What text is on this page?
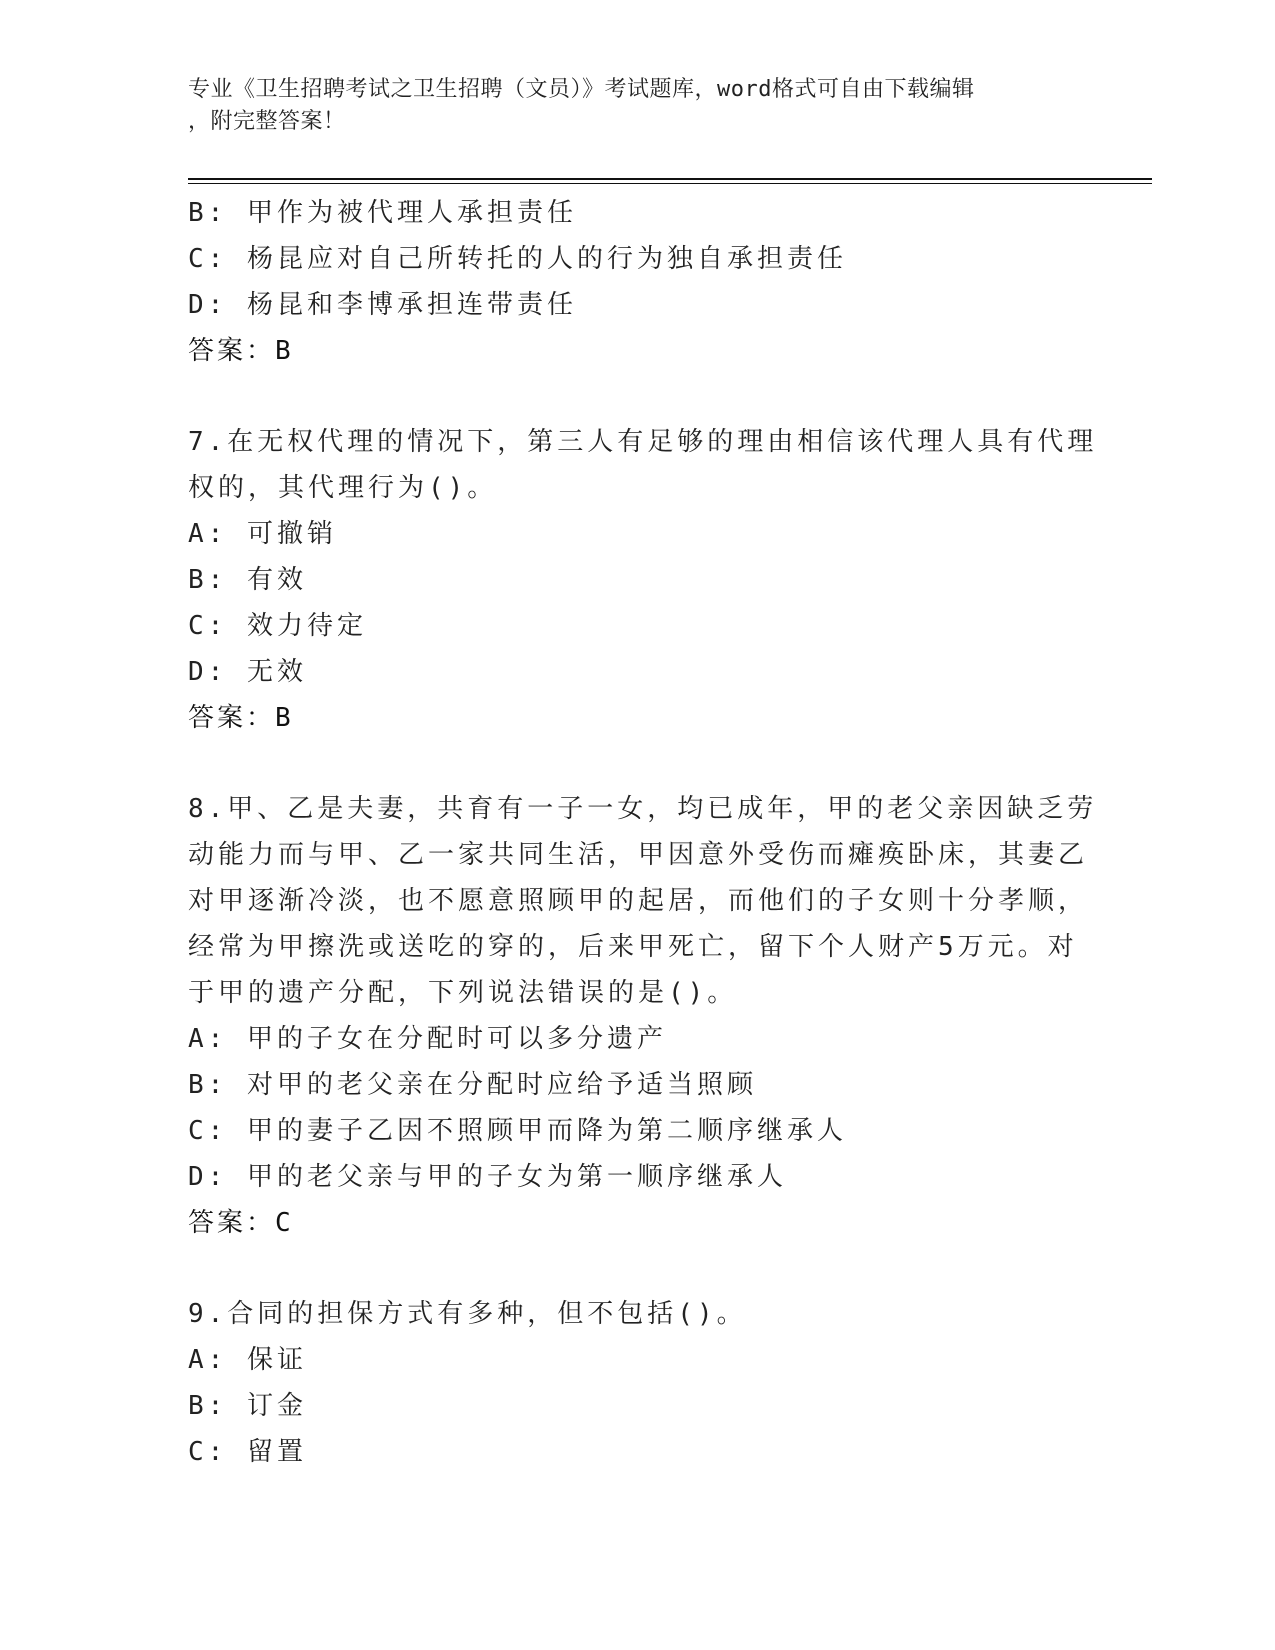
专业《卫生招聘考试之卫生招聘（文员）》考试题库，word格式可自由下载编辑
，附完整答案！
B: 甲作为被代理人承担责任
C: 杨昆应对自己所转托的人的行为独自承担责任
D: 杨昆和李博承担连带责任
答案：B
7.在无权代理的情况下，第三人有足够的理由相信该代理人具有代理
权的，其代理行为()。
A: 可撤销
B: 有效
C: 效力待定
D: 无效
答案：B
8.甲、乙是夫妻，共育有一子一女，均已成年，甲的老父亲因缺乏劳
动能力而与甲、乙一家共同生活，甲因意外受伤而瘫痪卧床，其妻乙
对甲逐渐冷淡，也不愿意照顾甲的起居，而他们的子女则十分孝顺，
经常为甲擦洗或送吃的穿的，后来甲死亡，留下个人财产5万元。对
于甲的遗产分配，下列说法错误的是()。
A: 甲的子女在分配时可以多分遗产
B: 对甲的老父亲在分配时应给予适当照顾
C: 甲的妻子乙因不照顾甲而降为第二顺序继承人
D: 甲的老父亲与甲的子女为第一顺序继承人
答案：C
9.合同的担保方式有多种，但不包括()。
A: 保证
B: 订金
C: 留置
